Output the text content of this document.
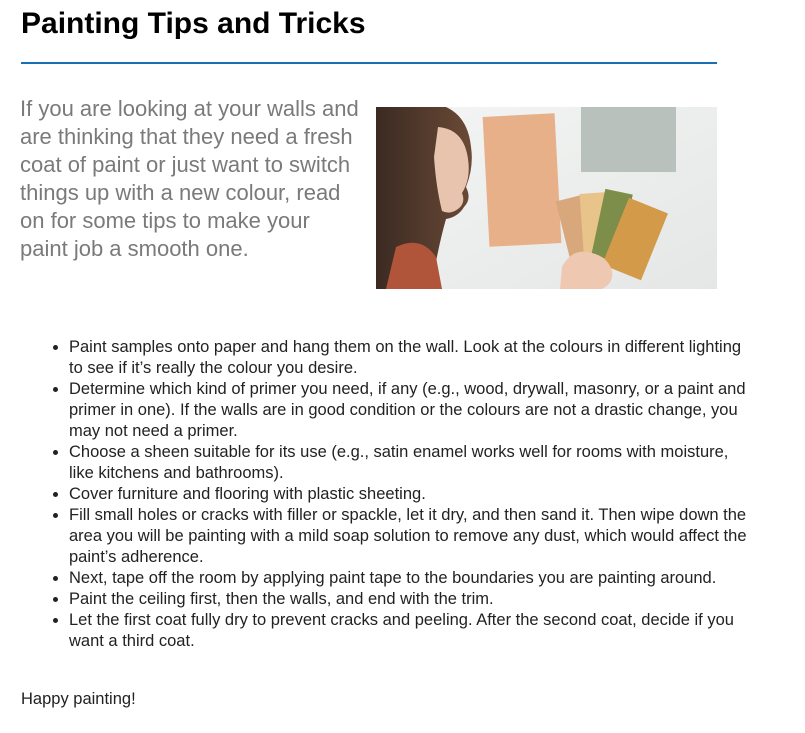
Painting Tips and Tricks

If you are looking at your walls and are thinking that they need a fresh coat of paint or just want to switch things up with a new colour, read on for some tips to make your paint job a smooth one.

• Paint samples onto paper and hang them on the wall. Look at the colours in different lighting to see if it’s really the colour you desire.
• Determine which kind of primer you need, if any (e.g., wood, drywall, masonry, or a paint and primer in one). If the walls are in good condition or the colours are not a drastic change, you may not need a primer.
• Choose a sheen suitable for its use (e.g., satin enamel works well for rooms with moisture, like kitchens and bathrooms).
• Cover furniture and flooring with plastic sheeting.
• Fill small holes or cracks with filler or spackle, let it dry, and then sand it. Then wipe down the area you will be painting with a mild soap solution to remove any dust, which would affect the paint’s adherence.
• Next, tape off the room by applying paint tape to the boundaries you are painting around.
• Paint the ceiling first, then the walls, and end with the trim.
• Let the first coat fully dry to prevent cracks and peeling. After the second coat, decide if you want a third coat.

Happy painting!
